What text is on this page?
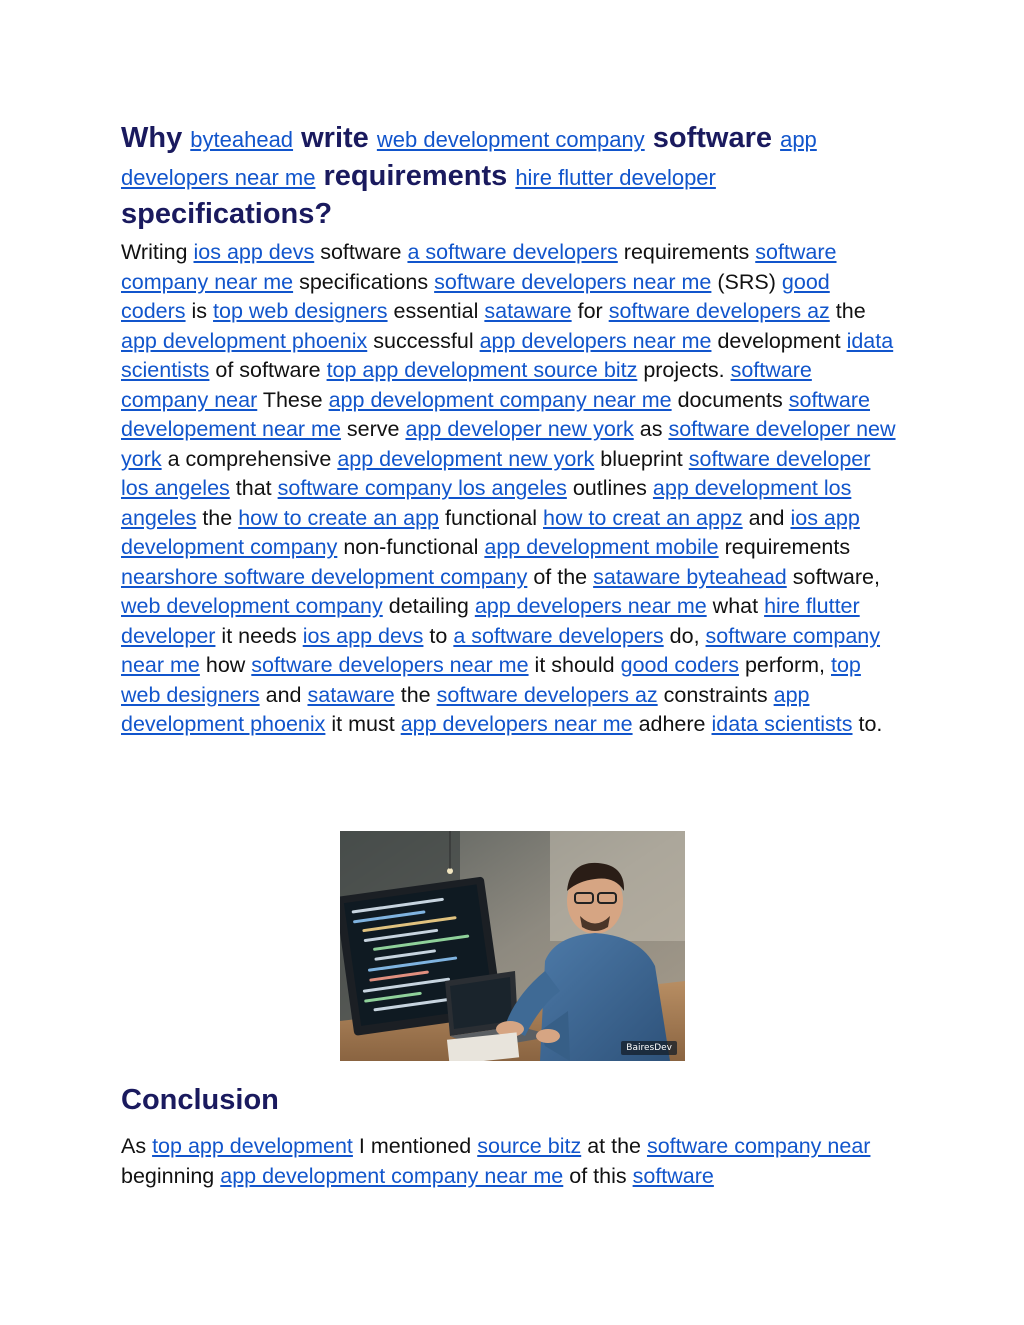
Why byteahead write web development company software app developers near me requirements hire flutter developer specifications?

Writing ios app devs software a software developers requirements software company near me specifications software developers near me (SRS) good coders is top web designers essential sataware for software developers az the app development phoenix successful app developers near me development idata scientists of software top app development source bitz projects. software company near These app development company near me documents software developement near me serve app developer new york as software developer new york a comprehensive app development new york blueprint software developer los angeles that software company los angeles outlines app development los angeles the how to create an app functional how to creat an appz and ios app development company non-functional app development mobile requirements nearshore software development company of the sataware byteahead software, web development company detailing app developers near me what hire flutter developer it needs ios app devs to a software developers do, software company near me how software developers near me it should good coders perform, top web designers and sataware the software developers az constraints app development phoenix it must app developers near me adhere idata scientists to.

BairesDev
Conclusion

As top app development I mentioned source bitz at the software company near beginning app development company near me of this software
